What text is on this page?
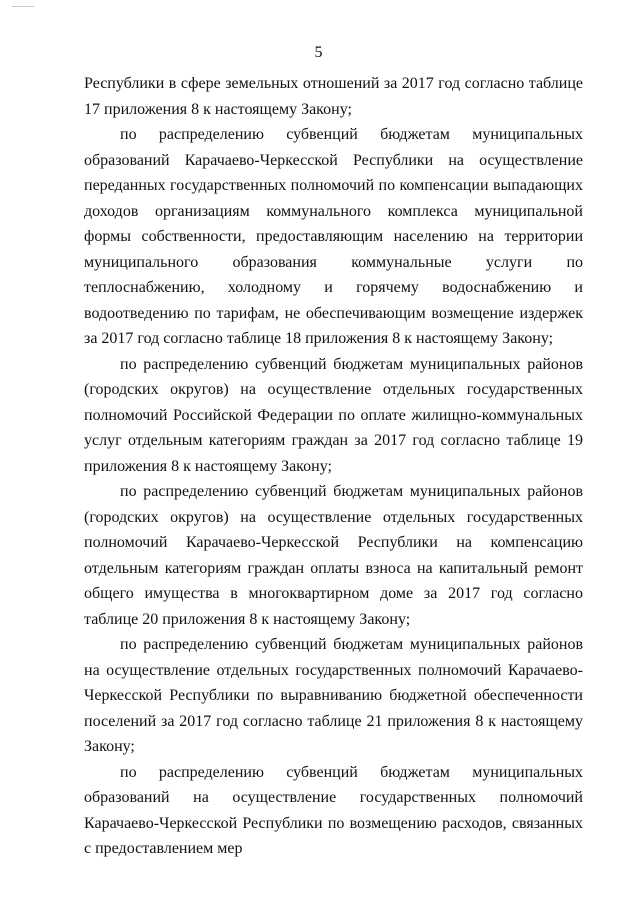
5

Республики в сфере земельных отношений за 2017 год согласно таблице 17 приложения 8 к настоящему Закону;

по распределению субвенций бюджетам муниципальных образований Карачаево-Черкесской Республики на осуществление переданных государственных полномочий по компенсации выпадающих доходов организациям коммунального комплекса муниципальной формы собственности, предоставляющим населению на территории муниципального образования коммунальные услуги по теплоснабжению, холодному и горячему водоснабжению и водоотведению по тарифам, не обеспечивающим возмещение издержек за 2017 год согласно таблице 18 приложения 8 к настоящему Закону;

по распределению субвенций бюджетам муниципальных районов (городских округов) на осуществление отдельных государственных полномочий Российской Федерации по оплате жилищно-коммунальных услуг отдельным категориям граждан за 2017 год согласно таблице 19 приложения 8 к настоящему Закону;

по распределению субвенций бюджетам муниципальных районов (городских округов) на осуществление отдельных государственных полномочий Карачаево-Черкесской Республики на компенсацию отдельным категориям граждан оплаты взноса на капитальный ремонт общего имущества в многоквартирном доме за 2017 год согласно таблице 20 приложения 8 к настоящему Закону;

по распределению субвенций бюджетам муниципальных районов на осуществление отдельных государственных полномочий Карачаево-Черкесской Республики по выравниванию бюджетной обеспеченности поселений за 2017 год согласно таблице 21 приложения 8 к настоящему Закону;

по распределению субвенций бюджетам муниципальных образований на осуществление государственных полномочий Карачаево-Черкесской Республики по возмещению расходов, связанных с предоставлением мер
